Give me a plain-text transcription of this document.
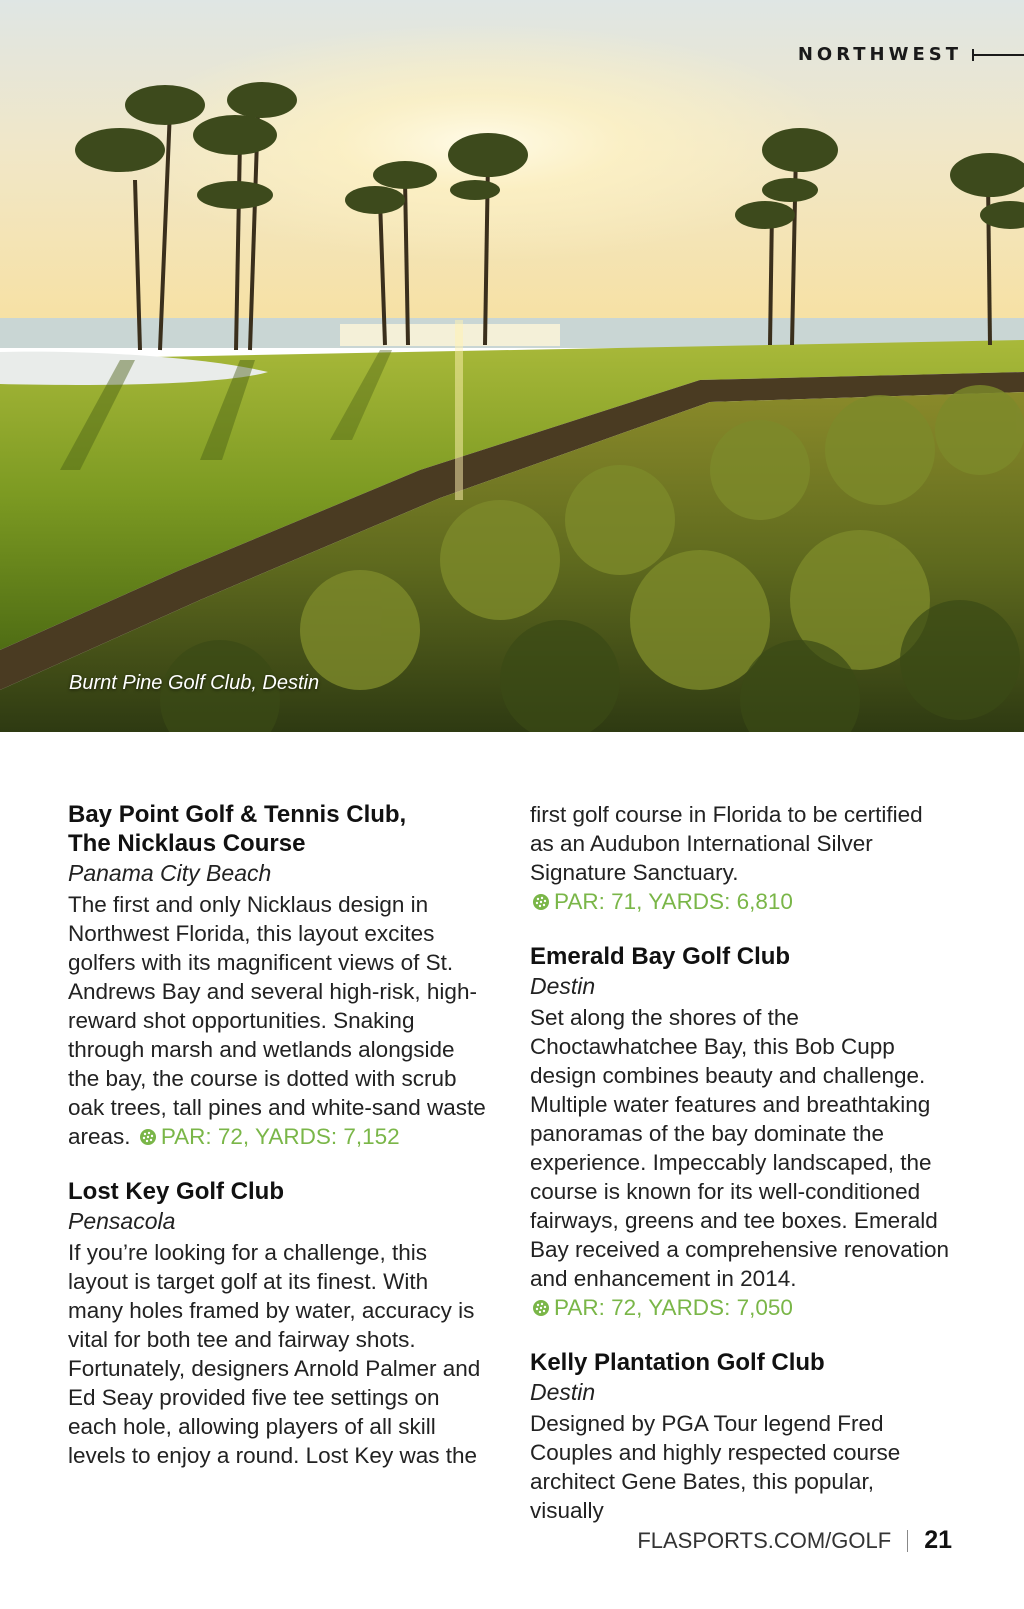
NORTHWEST
Burnt Pine Golf Club, Destin
Bay Point Golf & Tennis Club,
The Nicklaus Course
Panama City Beach

The first and only Nicklaus design in Northwest Florida, this layout excites golfers with its magnificent views of St. Andrews Bay and several high-risk, high-reward shot opportunities. Snaking through marsh and wetlands alongside the bay, the course is dotted with scrub oak trees, tall pines and white-sand waste areas. PAR: 72, YARDS: 7,152

Lost Key Golf Club
Pensacola

If you’re looking for a challenge, this layout is target golf at its finest. With many holes framed by water, accuracy is vital for both tee and fairway shots. Fortunately, designers Arnold Palmer and Ed Seay provided five tee settings on each hole, allowing players of all skill levels to enjoy a round. Lost Key was the

first golf course in Florida to be certified as an Audubon International Silver Signature Sanctuary. PAR: 71, YARDS: 6,810

Emerald Bay Golf Club
Destin

Set along the shores of the Choctawhatchee Bay, this Bob Cupp design combines beauty and challenge. Multiple water features and breathtaking panoramas of the bay dominate the experience. Impeccably landscaped, the course is known for its well-conditioned fairways, greens and tee boxes. Emerald Bay received a comprehensive renovation and enhancement in 2014.
PAR: 72, YARDS: 7,050

Kelly Plantation Golf Club
Destin

Designed by PGA Tour legend Fred Couples and highly respected course architect Gene Bates, this popular, visually

FLASPORTS.COM/GOLF 21
